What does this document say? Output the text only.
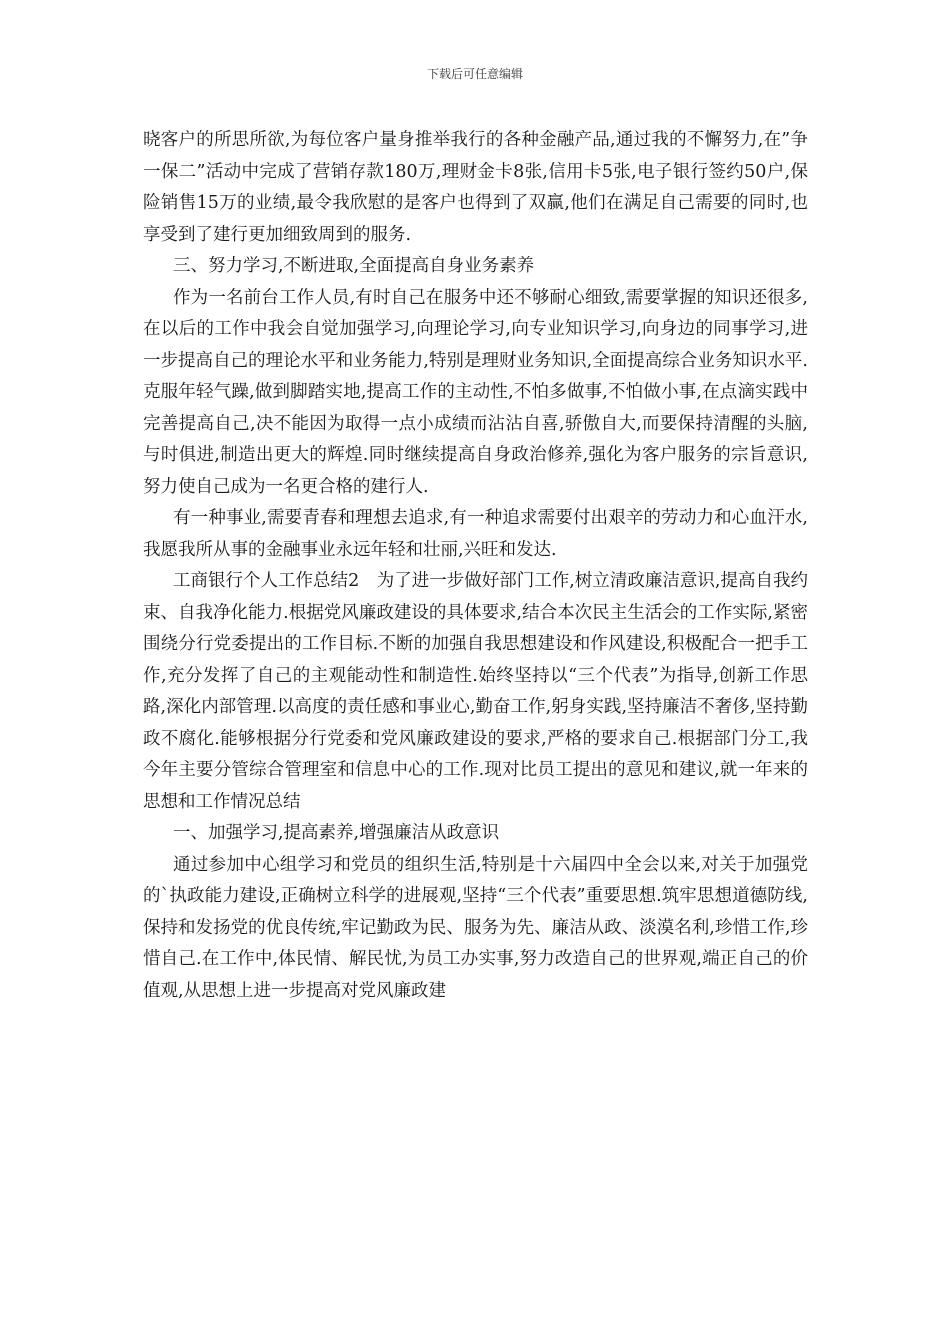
下载后可任意编辑

晓客户的所思所欲,为每位客户量身推举我行的各种金融产品,通过我的不懈努力,在”争一保二”活动中完成了营销存款180万,理财金卡8张,信用卡5张,电子银行签约50户,保险销售15万的业绩,最令我欣慰的是客户也得到了双赢,他们在满足自己需要的同时,也享受到了建行更加细致周到的服务.

三、努力学习,不断进取,全面提高自身业务素养

作为一名前台工作人员,有时自己在服务中还不够耐心细致,需要掌握的知识还很多,在以后的工作中我会自觉加强学习,向理论学习,向专业知识学习,向身边的同事学习,进一步提高自己的理论水平和业务能力,特别是理财业务知识,全面提高综合业务知识水平.克服年轻气躁,做到脚踏实地,提高工作的主动性,不怕多做事,不怕做小事,在点滴实践中完善提高自己,决不能因为取得一点小成绩而沾沾自喜,骄傲自大,而要保持清醒的头脑,与时俱进,制造出更大的辉煌.同时继续提高自身政治修养,强化为客户服务的宗旨意识,努力使自己成为一名更合格的建行人.

有一种事业,需要青春和理想去追求,有一种追求需要付出艰辛的劳动力和心血汗水,我愿我所从事的金融事业永远年轻和壮丽,兴旺和发达.

工商银行个人工作总结2　为了进一步做好部门工作,树立清政廉洁意识,提高自我约束、自我净化能力.根据党风廉政建设的具体要求,结合本次民主生活会的工作实际,紧密围绕分行党委提出的工作目标.不断的加强自我思想建设和作风建设,积极配合一把手工作,充分发挥了自己的主观能动性和制造性.始终坚持以“三个代表”为指导,创新工作思路,深化内部管理.以高度的责任感和事业心,勤奋工作,躬身实践,坚持廉洁不奢侈,坚持勤政不腐化.能够根据分行党委和党风廉政建设的要求,严格的要求自己.根据部门分工,我今年主要分管综合管理室和信息中心的工作.现对比员工提出的意见和建议,就一年来的思想和工作情况总结

一、加强学习,提高素养,增强廉洁从政意识

通过参加中心组学习和党员的组织生活,特别是十六届四中全会以来,对关于加强党的`执政能力建设,正确树立科学的进展观,坚持“三个代表”重要思想.筑牢思想道德防线,保持和发扬党的优良传统,牢记勤政为民、服务为先、廉洁从政、淡漠名利,珍惜工作,珍惜自己.在工作中,体民情、解民忧,为员工办实事,努力改造自己的世界观,端正自己的价值观,从思想上进一步提高对党风廉政建
